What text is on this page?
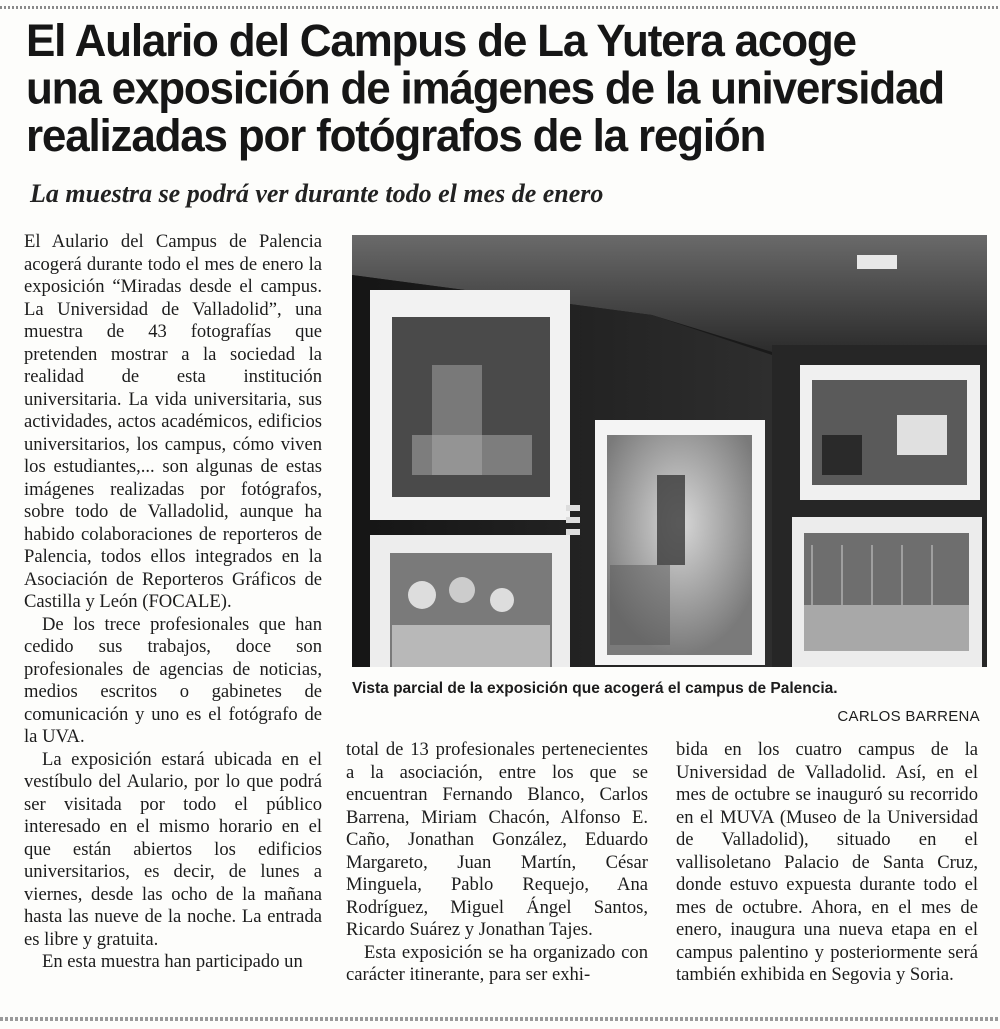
El Aulario del Campus de La Yutera acoge
una exposición de imágenes de la universidad
realizadas por fotógrafos de la región
La muestra se podrá ver durante todo el mes de enero

El Aulario del Campus de Palencia acogerá durante todo el mes de enero la exposición “Miradas desde el campus. La Universidad de Valladolid”, una muestra de 43 fotografías que pretenden mostrar a la sociedad la realidad de esta institución universitaria. La vida universitaria, sus actividades, actos académicos, edificios universitarios, los campus, cómo viven los estudiantes,... son algunas de estas imágenes realizadas por fotógrafos, sobre todo de Valladolid, aunque ha habido colaboraciones de reporteros de Palencia, todos ellos integrados en la Asociación de Reporteros Gráficos de Castilla y León (FOCALE).

De los trece profesionales que han cedido sus trabajos, doce son profesionales de agencias de noticias, medios escritos o gabinetes de comunicación y uno es el fotógrafo de la UVA.

La exposición estará ubicada en el vestíbulo del Aulario, por lo que podrá ser visitada por todo el público interesado en el mismo horario en el que están abiertos los edificios universitarios, es decir, de lunes a viernes, desde las ocho de la mañana hasta las nueve de la noche. La entrada es libre y gratuita.

En esta muestra han participado un

Vista parcial de la exposición que acogerá el campus de Palencia.

CARLOS BARRENA

total de 13 profesionales pertenecientes a la asociación, entre los que se encuentran Fernando Blanco, Carlos Barrena, Miriam Chacón, Alfonso E. Caño, Jonathan González, Eduardo Margareto, Juan Martín, César Minguela, Pablo Requejo, Ana Rodríguez, Miguel Ángel Santos, Ricardo Suárez y Jonathan Tajes.

Esta exposición se ha organizado con carácter itinerante, para ser exhi-

bida en los cuatro campus de la Universidad de Valladolid. Así, en el mes de octubre se inauguró su recorrido en el MUVA (Museo de la Universidad de Valladolid), situado en el vallisoletano Palacio de Santa Cruz, donde estuvo expuesta durante todo el mes de octubre. Ahora, en el mes de enero, inaugura una nueva etapa en el campus palentino y posteriormente será también exhibida en Segovia y Soria.
